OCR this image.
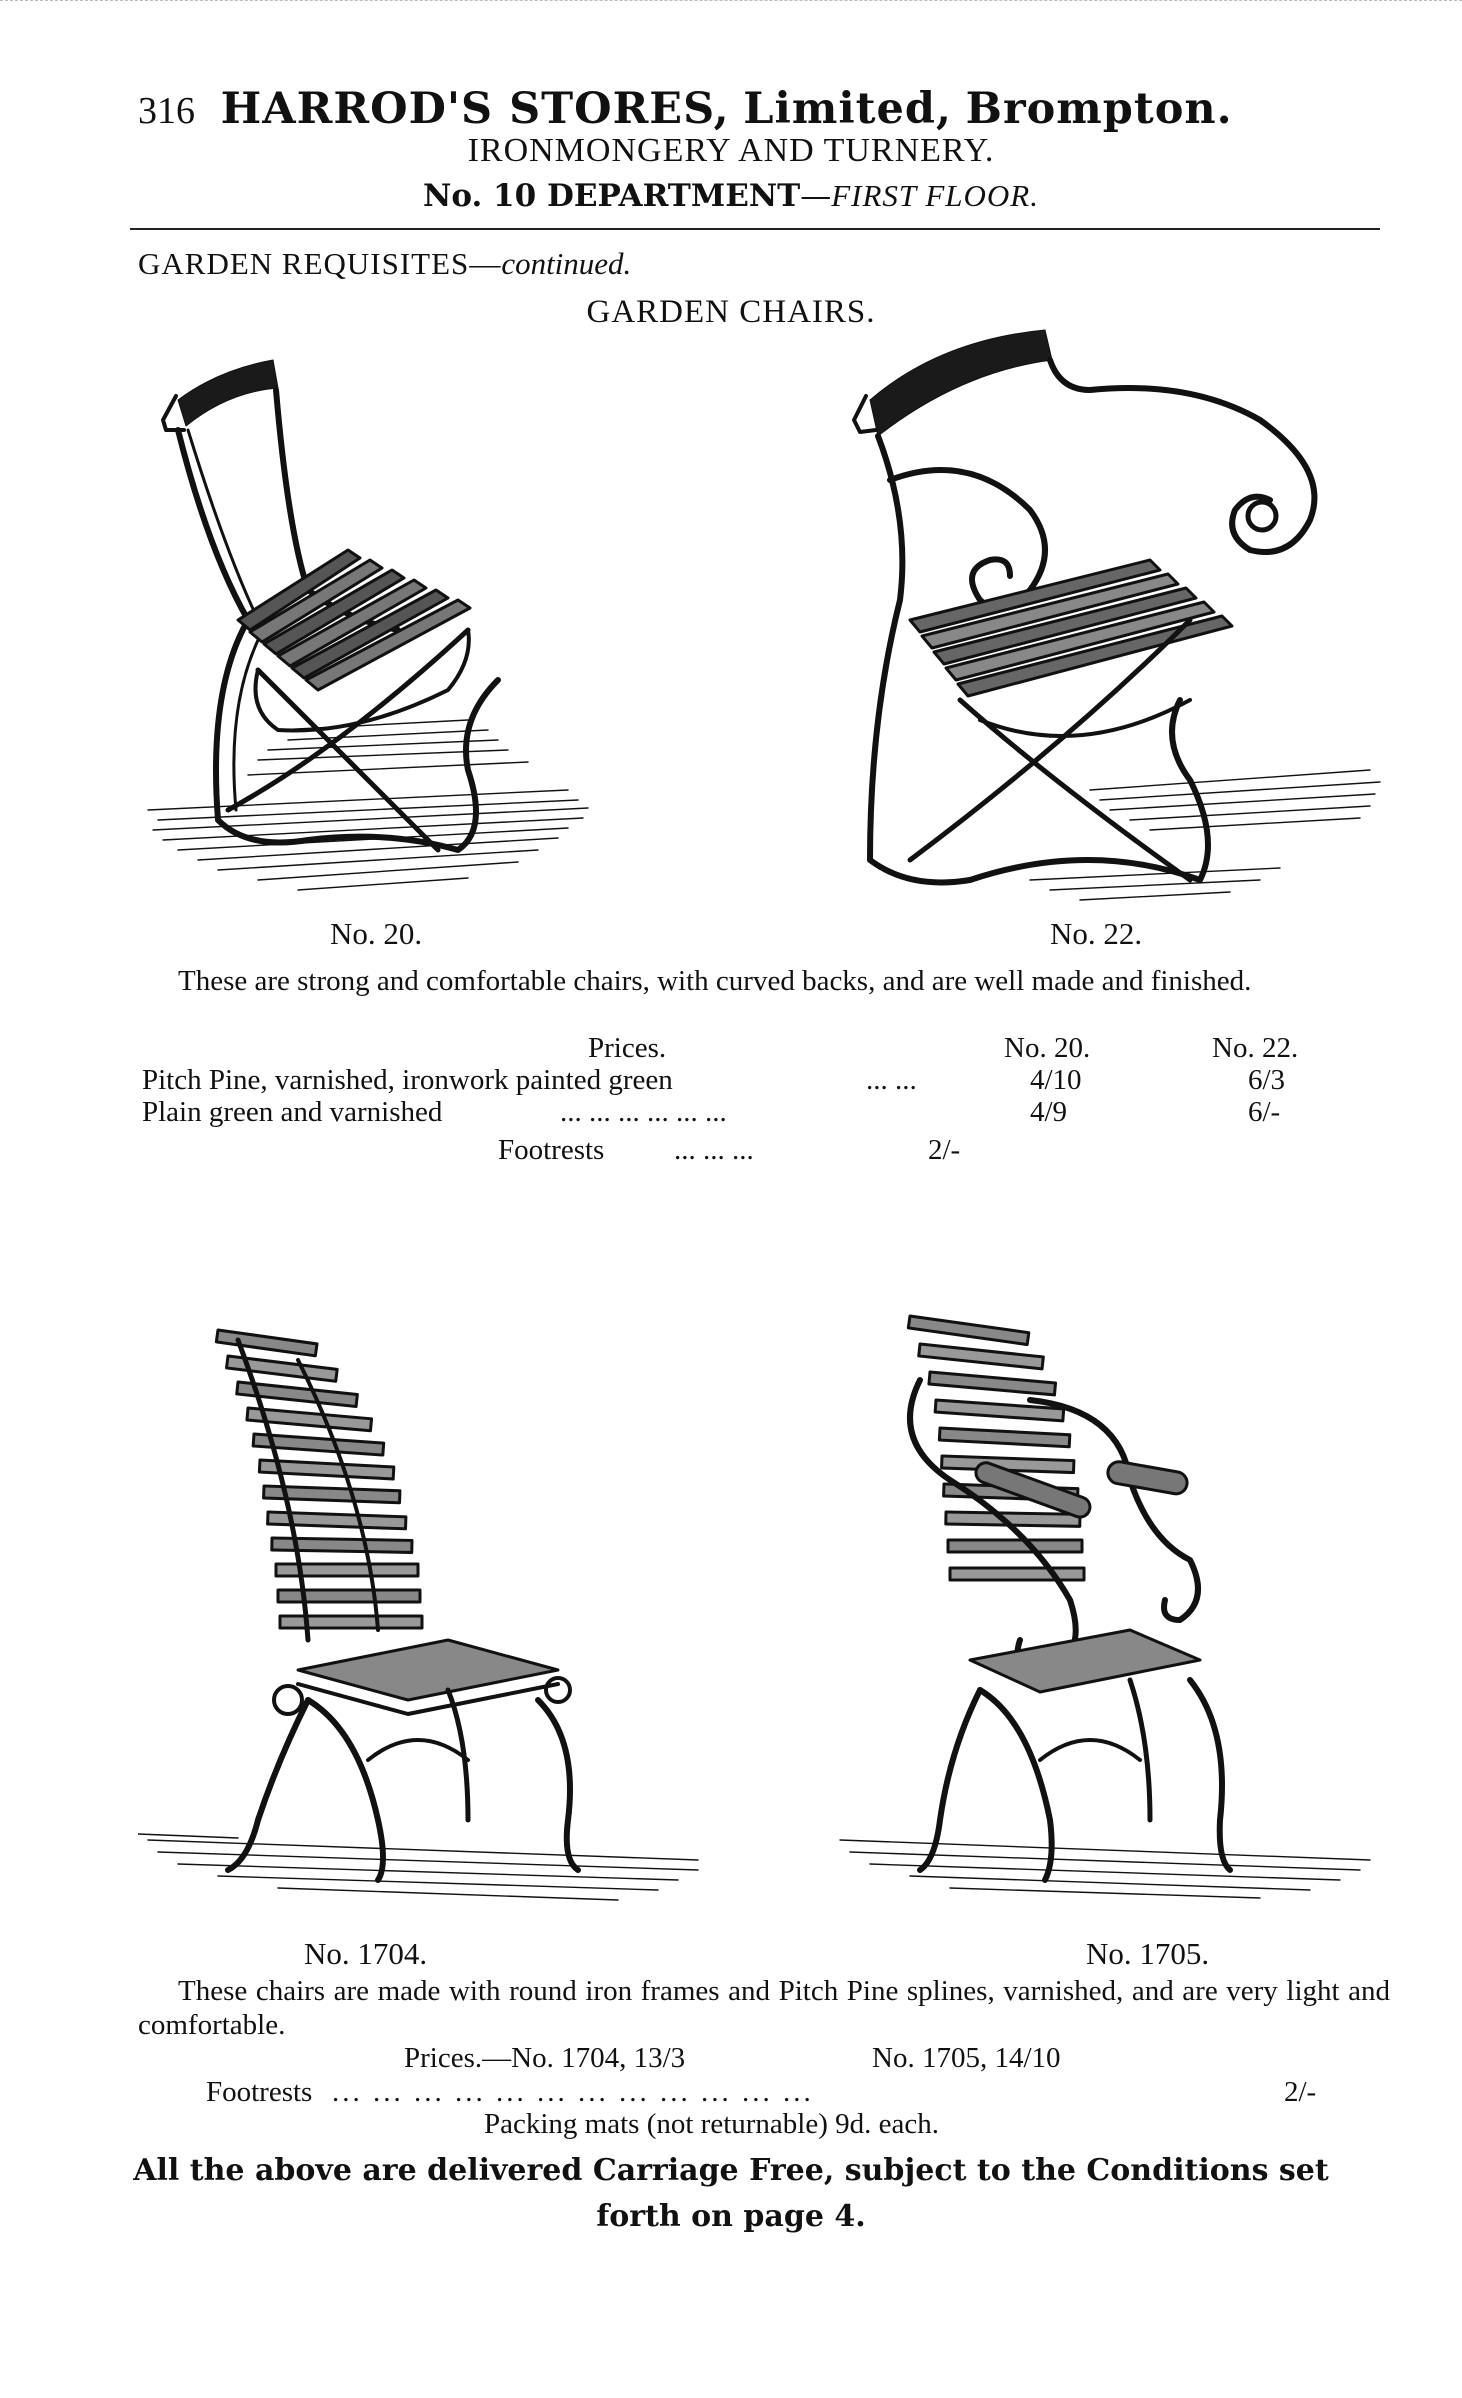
316 HARROD'S STORES, Limited, Brompton.
IRONMONGERY AND TURNERY.
No. 10 DEPARTMENT—FIRST FLOOR.
GARDEN REQUISITES—continued.
GARDEN CHAIRS.
No. 20.	No. 22.
These are strong and comfortable chairs, with curved backs, and are well made and finished.
Prices.	No. 20.	No. 22.
Pitch Pine, varnished, ironwork painted green	... ...	4/10	6/3
Plain green and varnished	... ... ... ... ... ...	4/9	6/-
Footrests ... ... ...	2/-
No. 1704.	No. 1705.
These chairs are made with round iron frames and Pitch Pine splines, varnished, and are very light and comfortable.
Prices.—No. 1704, 13/3	No. 1705, 14/10
Footrests ... ... ... ... ... ... ... ... ... ... ... ...	2/-
Packing mats (not returnable) 9d. each.
All the above are delivered Carriage Free, subject to the Conditions set
forth on page 4.
